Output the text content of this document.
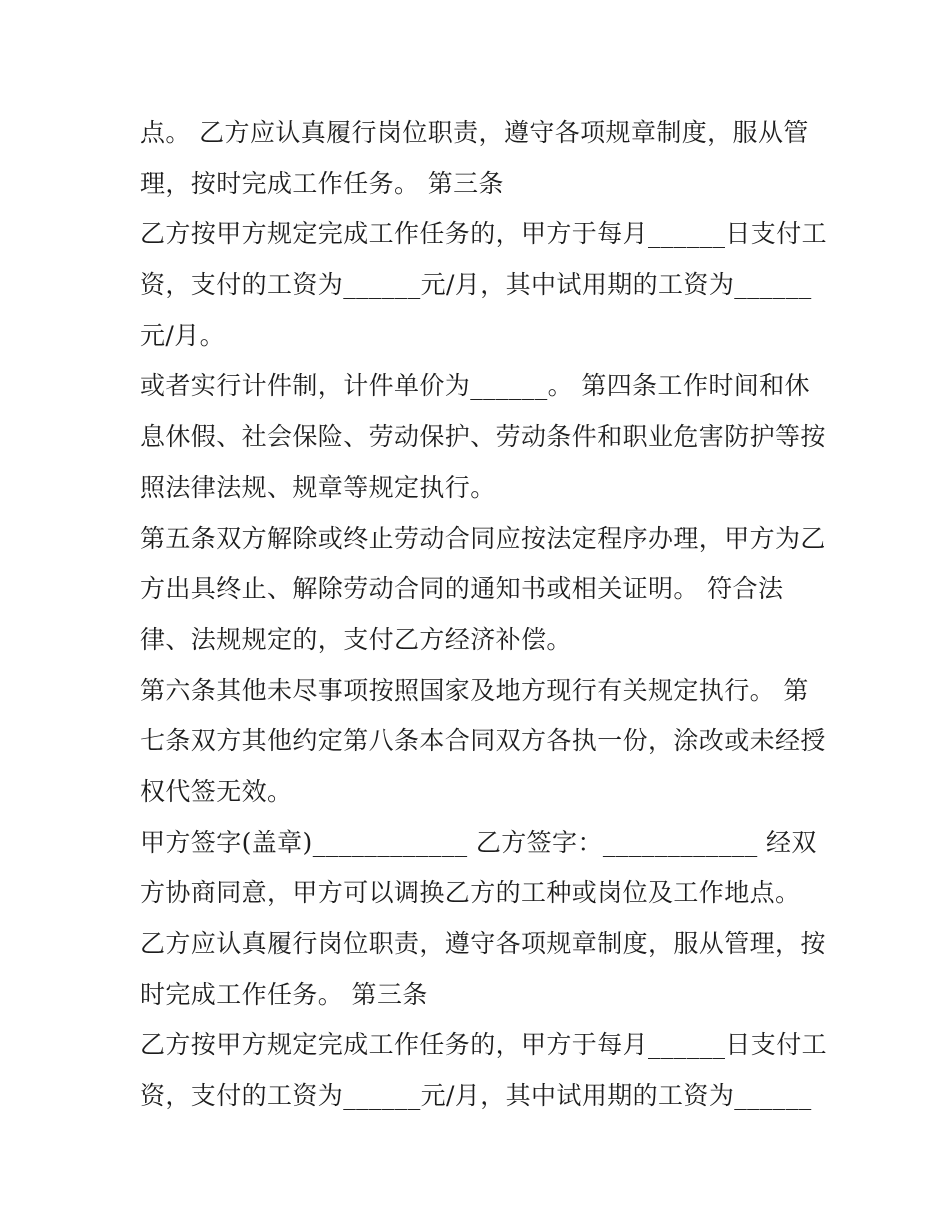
点。 乙方应认真履行岗位职责，遵守各项规章制度，服从管
理，按时完成工作任务。 第三条
乙方按甲方规定完成工作任务的，甲方于每月______日支付工
资，支付的工资为______元/月，其中试用期的工资为______
元/月。
或者实行计件制，计件单价为______。 第四条工作时间和休
息休假、社会保险、劳动保护、劳动条件和职业危害防护等按
照法律法规、规章等规定执行。
第五条双方解除或终止劳动合同应按法定程序办理，甲方为乙
方出具终止、解除劳动合同的通知书或相关证明。 符合法
律、法规规定的，支付乙方经济补偿。
第六条其他未尽事项按照国家及地方现行有关规定执行。 第
七条双方其他约定第八条本合同双方各执一份，涂改或未经授
权代签无效。
甲方签字(盖章)____________ 乙方签字：____________ 经双
方协商同意，甲方可以调换乙方的工种或岗位及工作地点。
乙方应认真履行岗位职责，遵守各项规章制度，服从管理，按
时完成工作任务。 第三条
乙方按甲方规定完成工作任务的，甲方于每月______日支付工
资，支付的工资为______元/月，其中试用期的工资为______
